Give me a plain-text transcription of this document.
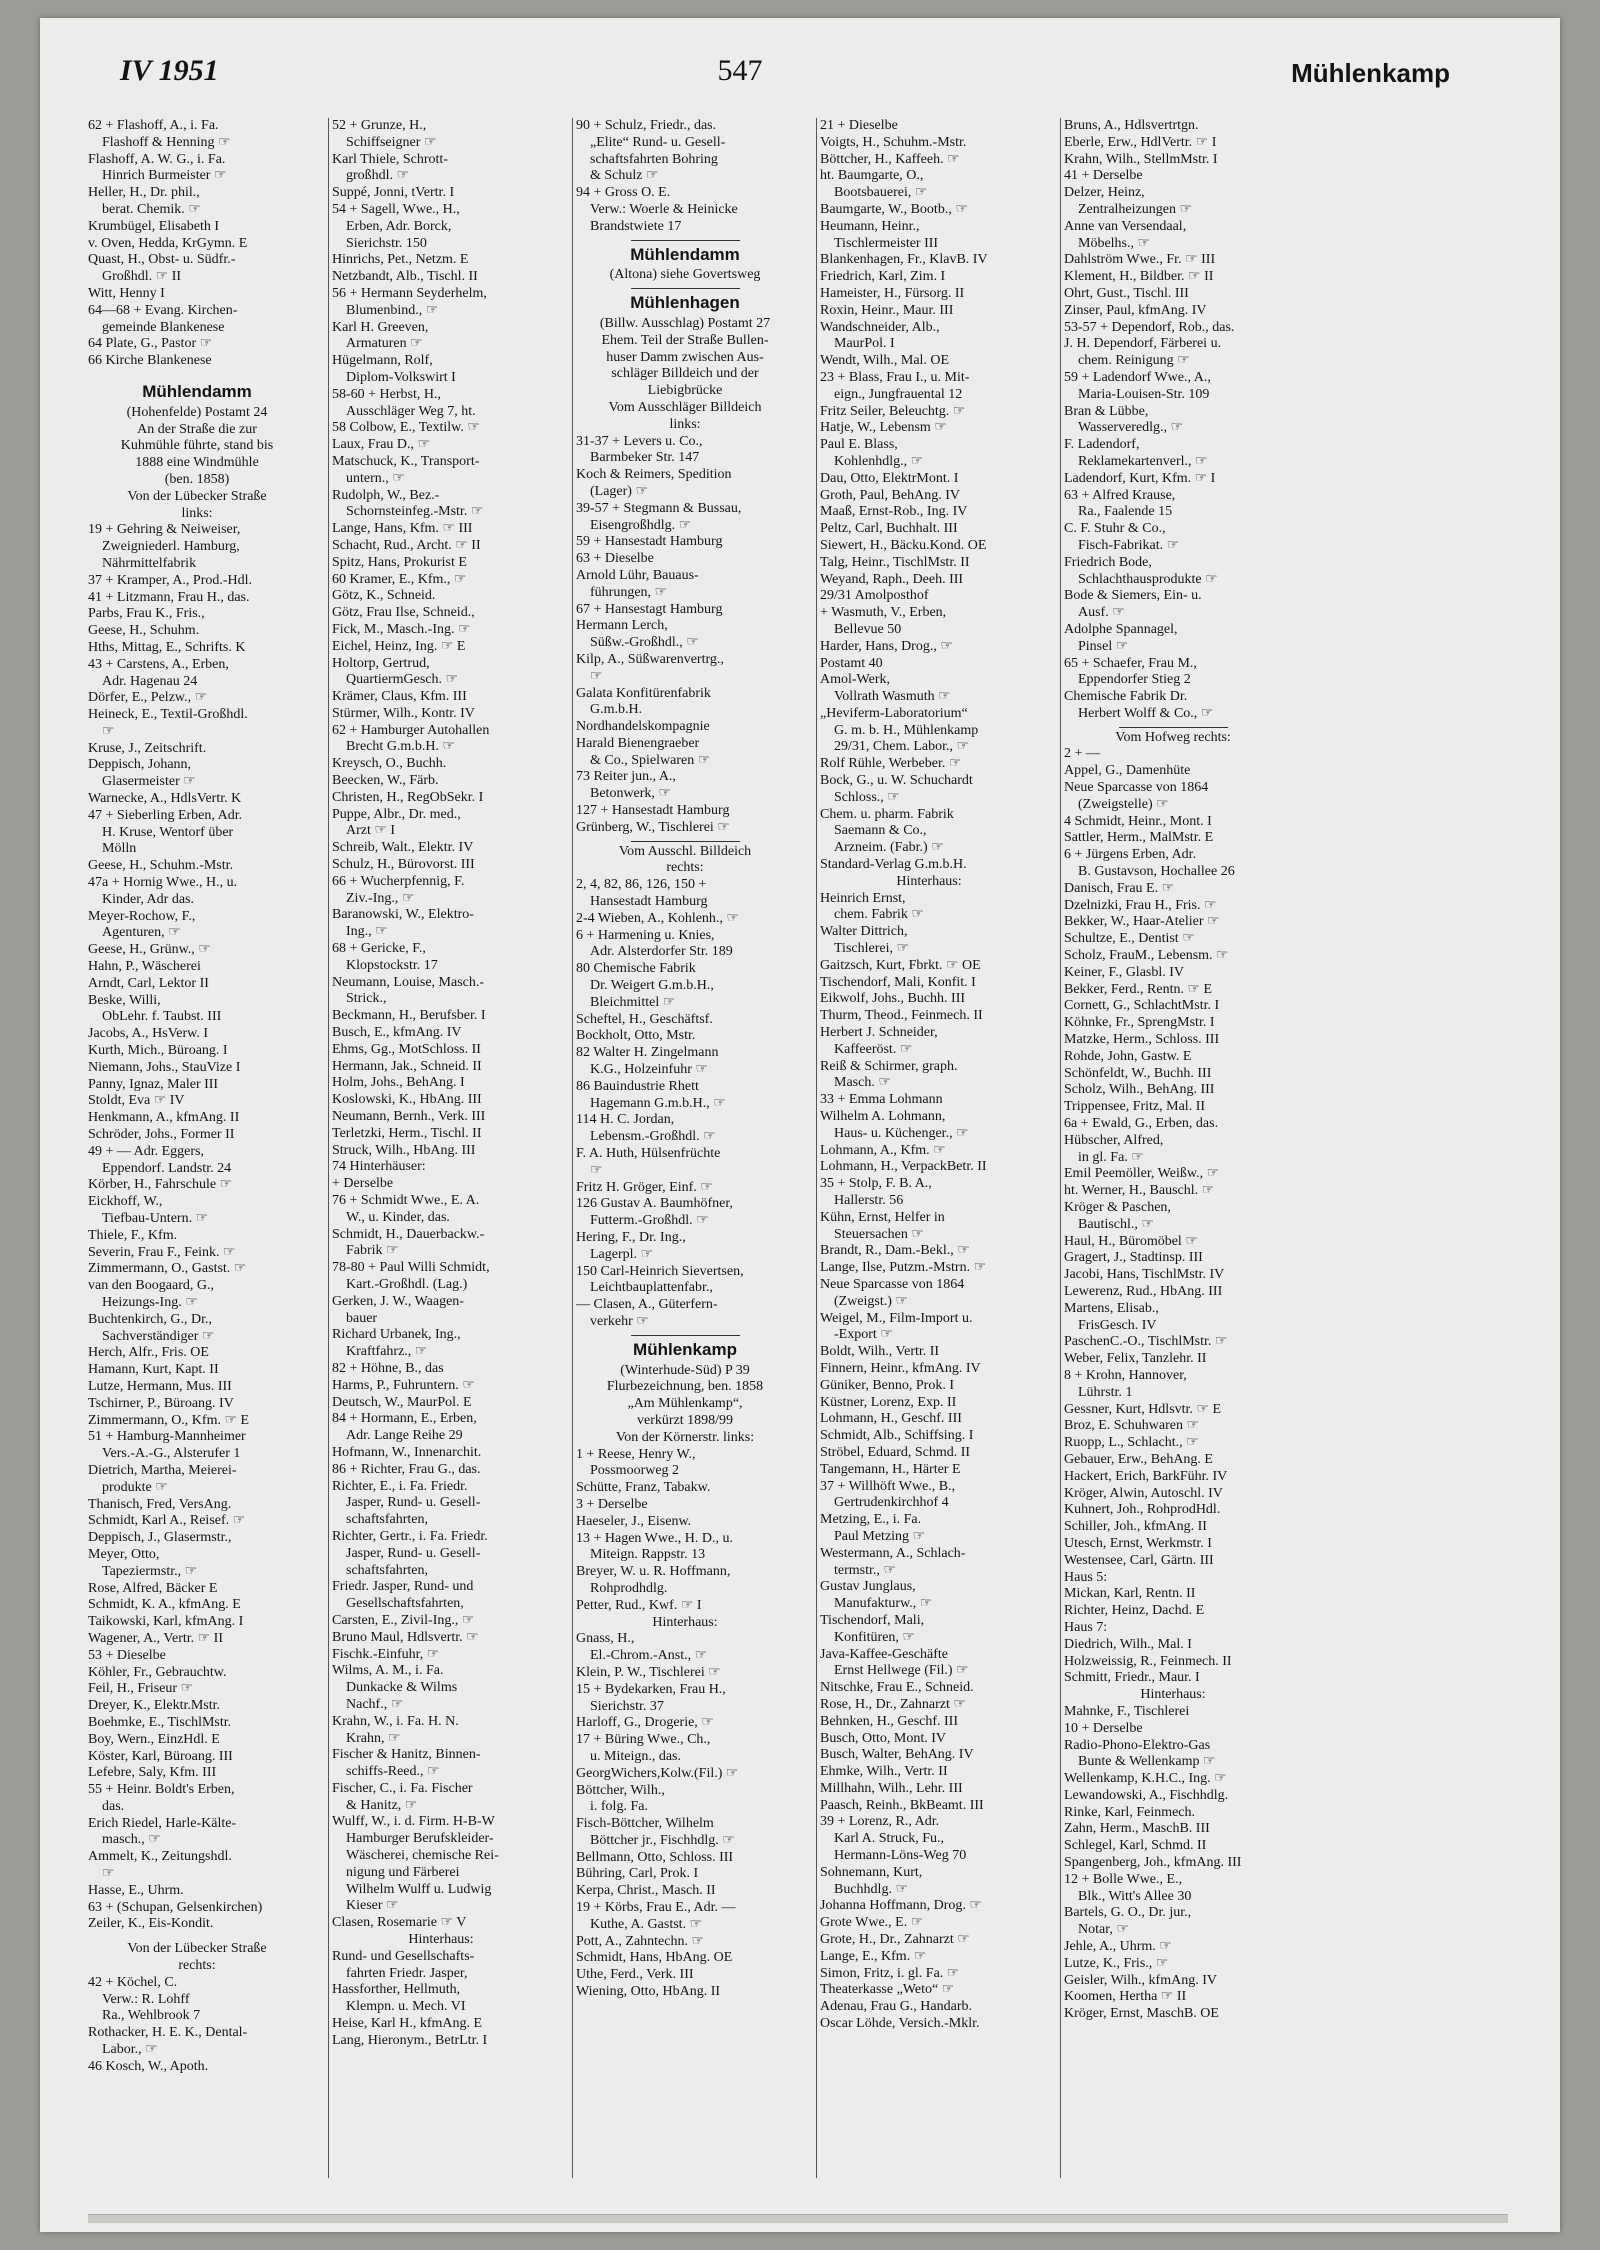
IV 1951	547	Mühlenkamp
62 + Flashoff, A., i. Fa.
Flashoff & Henning ☞
Flashoff, A. W. G., i. Fa.
Hinrich Burmeister ☞
Heller, H., Dr. phil.,
berat. Chemik. ☞
Krumbügel, Elisabeth I
v. Oven, Hedda, KrGymn. E
Quast, H., Obst- u. Südfr.-
Großhdl. ☞ II
Witt, Henny I
64—68 + Evang. Kirchen-
gemeinde Blankenese
64 Plate, G., Pastor ☞
66 Kirche Blankenese
Mühlendamm
(Hohenfelde) Postamt 24
An der Straße die zur
Kuhmühle führte, stand bis
1888 eine Windmühle
(ben. 1858)
Von der Lübecker Straße
links:
19 + Gehring & Neiweiser,
Zweigniederl. Hamburg,
Nährmittelfabrik
37 + Kramper, A., Prod.-Hdl.
41 + Litzmann, Frau H., das.
Parbs, Frau K., Fris.,
Geese, H., Schuhm.
Hths, Mittag, E., Schrifts. K
43 + Carstens, A., Erben,
Adr. Hagenau 24
Dörfer, E., Pelzw., ☞
Heineck, E., Textil-Großhdl.
☞
Kruse, J., Zeitschrift.
Deppisch, Johann,
Glasermeister ☞
Warnecke, A., HdlsVertr. K
47 + Sieberling Erben, Adr.
H. Kruse, Wentorf über
Mölln
Geese, H., Schuhm.-Mstr.
47a + Hornig Wwe., H., u.
Kinder, Adr das.
Meyer-Rochow, F.,
Agenturen, ☞
Geese, H., Grünw., ☞
Hahn, P., Wäscherei
Arndt, Carl, Lektor II
Beske, Willi,
ObLehr. f. Taubst. III
Jacobs, A., HsVerw. I
Kurth, Mich., Büroang. I
Niemann, Johs., StauVize I
Panny, Ignaz, Maler III
Stoldt, Eva ☞ IV
Henkmann, A., kfmAng. II
Schröder, Johs., Former II
49 + — Adr. Eggers,
Eppendorf. Landstr. 24
Körber, H., Fahrschule ☞
Eickhoff, W.,
Tiefbau-Untern. ☞
Thiele, F., Kfm.
Severin, Frau F., Feink. ☞
Zimmermann, O., Gastst. ☞
van den Boogaard, G.,
Heizungs-Ing. ☞
Buchtenkirch, G., Dr.,
Sachverständiger ☞
Herch, Alfr., Fris. OE
Hamann, Kurt, Kapt. II
Lutze, Hermann, Mus. III
Tschirner, P., Büroang. IV
Zimmermann, O., Kfm. ☞ E
51 + Hamburg-Mannheimer
Vers.-A.-G., Alsterufer 1
Dietrich, Martha, Meierei-
produkte ☞
Thanisch, Fred, VersAng.
Schmidt, Karl A., Reisef. ☞
Deppisch, J., Glasermstr.,
Meyer, Otto,
Tapeziermstr., ☞
Rose, Alfred, Bäcker E
Schmidt, K. A., kfmAng. E
Taikowski, Karl, kfmAng. I
Wagener, A., Vertr. ☞ II
53 + Dieselbe
Köhler, Fr., Gebrauchtw.
Feil, H., Friseur ☞
Dreyer, K., Elektr.Mstr.
Boehmke, E., TischlMstr.
Boy, Wern., EinzHdl. E
Köster, Karl, Büroang. III
Lefebre, Saly, Kfm. III
55 + Heinr. Boldt's Erben,
das.
Erich Riedel, Harle-Kälte-
masch., ☞
Ammelt, K., Zeitungshdl.
☞
Hasse, E., Uhrm.
63 + (Schupan, Gelsenkirchen)
Zeiler, K., Eis-Kondit.
Von der Lübecker Straße
rechts:
42 + Köchel, C.
Verw.: R. Lohff
Ra., Wehlbrook 7
Rothacker, H. E. K., Dental-
Labor., ☞
46 Kosch, W., Apoth.
52 + Grunze, H.,
Schiffseigner ☞
Karl Thiele, Schrott-
großhdl. ☞
Suppé, Jonni, tVertr. I
54 + Sagell, Wwe., H.,
Erben, Adr. Borck,
Sierichstr. 150
Hinrichs, Pet., Netzm. E
Netzbandt, Alb., Tischl. II
56 + Hermann Seyderhelm,
Blumenbind., ☞
Karl H. Greeven,
Armaturen ☞
Hügelmann, Rolf,
Diplom-Volkswirt I
58-60 + Herbst, H.,
Ausschläger Weg 7, ht.
58 Colbow, E., Textilw. ☞
Laux, Frau D., ☞
Matschuck, K., Transport-
untern., ☞
Rudolph, W., Bez.-
Schornsteinfeg.-Mstr. ☞
Lange, Hans, Kfm. ☞ III
Schacht, Rud., Archt. ☞ II
Spitz, Hans, Prokurist E
60 Kramer, E., Kfm., ☞
Götz, K., Schneid.
Götz, Frau Ilse, Schneid.,
Fick, M., Masch.-Ing. ☞
Eichel, Heinz, Ing. ☞ E
Holtorp, Gertrud,
QuartiermGesch. ☞
Krämer, Claus, Kfm. III
Stürmer, Wilh., Kontr. IV
62 + Hamburger Autohallen
Brecht G.m.b.H. ☞
Kreysch, O., Buchh.
Beecken, W., Färb.
Christen, H., RegObSekr. I
Puppe, Albr., Dr. med.,
Arzt ☞ I
Schreib, Walt., Elektr. IV
Schulz, H., Bürovorst. III
66 + Wucherpfennig, F.
Ziv.-Ing., ☞
Baranowski, W., Elektro-
Ing., ☞
68 + Gericke, F.,
Klopstockstr. 17
Neumann, Louise, Masch.-
Strick.,
Beckmann, H., Berufsber. I
Busch, E., kfmAng. IV
Ehms, Gg., MotSchloss. II
Hermann, Jak., Schneid. II
Holm, Johs., BehAng. I
Koslowski, K., HbAng. III
Neumann, Bernh., Verk. III
Terletzki, Herm., Tischl. II
Struck, Wilh., HbAng. III
74 Hinterhäuser:
+ Derselbe
76 + Schmidt Wwe., E. A.
W., u. Kinder, das.
Schmidt, H., Dauerbackw.-
Fabrik ☞
78-80 + Paul Willi Schmidt,
Kart.-Großhdl. (Lag.)
Gerken, J. W., Waagen-
bauer
Richard Urbanek, Ing.,
Kraftfahrz., ☞
82 + Höhne, B., das
Harms, P., Fuhruntern. ☞
Deutsch, W., MaurPol. E
84 + Hormann, E., Erben,
Adr. Lange Reihe 29
Hofmann, W., Innenarchit.
86 + Richter, Frau G., das.
Richter, E., i. Fa. Friedr.
Jasper, Rund- u. Gesell-
schaftsfahrten,
Richter, Gertr., i. Fa. Friedr.
Jasper, Rund- u. Gesell-
schaftsfahrten,
Friedr. Jasper, Rund- und
Gesellschaftsfahrten,
Carsten, E., Zivil-Ing., ☞
Bruno Maul, Hdlsvertr. ☞
Fischk.-Einfuhr, ☞
Wilms, A. M., i. Fa.
Dunkacke & Wilms
Nachf., ☞
Krahn, W., i. Fa. H. N.
Krahn, ☞
Fischer & Hanitz, Binnen-
schiffs-Reed., ☞
Fischer, C., i. Fa. Fischer
& Hanitz, ☞
Wulff, W., i. d. Firm. H-B-W
Hamburger Berufskleider-
Wäscherei, chemische Rei-
nigung und Färberei
Wilhelm Wulff u. Ludwig
Kieser ☞
Clasen, Rosemarie ☞ V
Hinterhaus:
Rund- und Gesellschafts-
fahrten Friedr. Jasper,
Hassforther, Hellmuth,
Klempn. u. Mech. VI
Heise, Karl H., kfmAng. E
Lang, Hieronym., BetrLtr. I
90 + Schulz, Friedr., das.
„Elite“ Rund- u. Gesell-
schaftsfahrten Bohring
& Schulz ☞
94 + Gross O. E.
Verw.: Woerle & Heinicke
Brandstwiete 17
Mühlendamm
(Altona) siehe Govertsweg
Mühlenhagen
(Billw. Ausschlag) Postamt 27
Ehem. Teil der Straße Bullen-
huser Damm zwischen Aus-
schläger Billdeich und der
Liebigbrücke
Vom Ausschläger Billdeich
links:
31-37 + Levers u. Co.,
Barmbeker Str. 147
Koch & Reimers, Spedition
(Lager) ☞
39-57 + Stegmann & Bussau,
Eisengroßhdlg. ☞
59 + Hansestadt Hamburg
63 + Dieselbe
Arnold Lühr, Bauaus-
führungen, ☞
67 + Hansestagt Hamburg
Hermann Lerch,
Süßw.-Großhdl., ☞
Kilp, A., Süßwarenvertrg.,
☞
Galata Konfitürenfabrik
G.m.b.H.
Nordhandelskompagnie
Harald Bienengraeber
& Co., Spielwaren ☞
73 Reiter jun., A.,
Betonwerk, ☞
127 + Hansestadt Hamburg
Grünberg, W., Tischlerei ☞
Vom Ausschl. Billdeich
rechts:
2, 4, 82, 86, 126, 150 +
Hansestadt Hamburg
2-4 Wieben, A., Kohlenh., ☞
6 + Harmening u. Knies,
Adr. Alsterdorfer Str. 189
80 Chemische Fabrik
Dr. Weigert G.m.b.H.,
Bleichmittel ☞
Scheftel, H., Geschäftsf.
Bockholt, Otto, Mstr.
82 Walter H. Zingelmann
K.G., Holzeinfuhr ☞
86 Bauindustrie Rhett
Hagemann G.m.b.H., ☞
114 H. C. Jordan,
Lebensm.-Großhdl. ☞
F. A. Huth, Hülsenfrüchte
☞
Fritz H. Gröger, Einf. ☞
126 Gustav A. Baumhöfner,
Futterm.-Großhdl. ☞
Hering, F., Dr. Ing.,
Lagerpl. ☞
150 Carl-Heinrich Sievertsen,
Leichtbauplattenfabr.,
— Clasen, A., Güterfern-
verkehr ☞
Mühlenkamp
(Winterhude-Süd) P 39
Flurbezeichnung, ben. 1858
„Am Mühlenkamp“,
verkürzt 1898/99
Von der Körnerstr. links:
1 + Reese, Henry W.,
Possmoorweg 2
Schütte, Franz, Tabakw.
3 + Derselbe
Haeseler, J., Eisenw.
13 + Hagen Wwe., H. D., u.
Miteign. Rappstr. 13
Breyer, W. u. R. Hoffmann,
Rohprodhdlg.
Petter, Rud., Kwf. ☞ I
Hinterhaus:
Gnass, H.,
El.-Chrom.-Anst., ☞
Klein, P. W., Tischlerei ☞
15 + Bydekarken, Frau H.,
Sierichstr. 37
Harloff, G., Drogerie, ☞
17 + Büring Wwe., Ch.,
u. Miteign., das.
GeorgWichers,Kolw.(Fil.) ☞
Böttcher, Wilh.,
i. folg. Fa.
Fisch-Böttcher, Wilhelm
Böttcher jr., Fischhdlg. ☞
Bellmann, Otto, Schloss. III
Bühring, Carl, Prok. I
Kerpa, Christ., Masch. II
19 + Körbs, Frau E., Adr. —
Kuthe, A. Gastst. ☞
Pott, A., Zahntechn. ☞
Schmidt, Hans, HbAng. OE
Uthe, Ferd., Verk. III
Wiening, Otto, HbAng. II
21 + Dieselbe
Voigts, H., Schuhm.-Mstr.
Böttcher, H., Kaffeeh. ☞
ht. Baumgarte, O.,
Bootsbauerei, ☞
Baumgarte, W., Bootb., ☞
Heumann, Heinr.,
Tischlermeister III
Blankenhagen, Fr., KlavB. IV
Friedrich, Karl, Zim. I
Hameister, H., Fürsorg. II
Roxin, Heinr., Maur. III
Wandschneider, Alb.,
MaurPol. I
Wendt, Wilh., Mal. OE
23 + Blass, Frau I., u. Mit-
eign., Jungfrauental 12
Fritz Seiler, Beleuchtg. ☞
Hatje, W., Lebensm ☞
Paul E. Blass,
Kohlenhdlg., ☞
Dau, Otto, ElektrMont. I
Groth, Paul, BehAng. IV
Maaß, Ernst-Rob., Ing. IV
Peltz, Carl, Buchhalt. III
Siewert, H., Bäcku.Kond. OE
Talg, Heinr., TischlMstr. II
Weyand, Raph., Deeh. III
29/31 Amolposthof
+ Wasmuth, V., Erben,
Bellevue 50
Harder, Hans, Drog., ☞
Postamt 40
Amol-Werk,
Vollrath Wasmuth ☞
„Heviferm-Laboratorium“
G. m. b. H., Mühlenkamp
29/31, Chem. Labor., ☞
Rolf Rühle, Werbeber. ☞
Bock, G., u. W. Schuchardt
Schloss., ☞
Chem. u. pharm. Fabrik
Saemann & Co.,
Arzneim. (Fabr.) ☞
Standard-Verlag G.m.b.H.
Hinterhaus:
Heinrich Ernst,
chem. Fabrik ☞
Walter Dittrich,
Tischlerei, ☞
Gaitzsch, Kurt, Fbrkt. ☞ OE
Tischendorf, Mali, Konfit. I
Eikwolf, Johs., Buchh. III
Thurm, Theod., Feinmech. II
Herbert J. Schneider,
Kaffeeröst. ☞
Reiß & Schirmer, graph.
Masch. ☞
33 + Emma Lohmann
Wilhelm A. Lohmann,
Haus- u. Küchenger., ☞
Lohmann, A., Kfm. ☞
Lohmann, H., VerpackBetr. II
35 + Stolp, F. B. A.,
Hallerstr. 56
Kühn, Ernst, Helfer in
Steuersachen ☞
Brandt, R., Dam.-Bekl., ☞
Lange, Ilse, Putzm.-Mstrn. ☞
Neue Sparcasse von 1864
(Zweigst.) ☞
Weigel, M., Film-Import u.
-Export ☞
Boldt, Wilh., Vertr. II
Finnern, Heinr., kfmAng. IV
Güniker, Benno, Prok. I
Küstner, Lorenz, Exp. II
Lohmann, H., Geschf. III
Schmidt, Alb., Schiffsing. I
Ströbel, Eduard, Schmd. II
Tangemann, H., Härter E
37 + Willhöft Wwe., B.,
Gertrudenkirchhof 4
Metzing, E., i. Fa.
Paul Metzing ☞
Westermann, A., Schlach-
termstr., ☞
Gustav Junglaus,
Manufakturw., ☞
Tischendorf, Mali,
Konfitüren, ☞
Java-Kaffee-Geschäfte
Ernst Hellwege (Fil.) ☞
Nitschke, Frau E., Schneid.
Rose, H., Dr., Zahnarzt ☞
Behnken, H., Geschf. III
Busch, Otto, Mont. IV
Busch, Walter, BehAng. IV
Ehmke, Wilh., Vertr. II
Millhahn, Wilh., Lehr. III
Paasch, Reinh., BkBeamt. III
39 + Lorenz, R., Adr.
Karl A. Struck, Fu.,
Hermann-Löns-Weg 70
Sohnemann, Kurt,
Buchhdlg. ☞
Johanna Hoffmann, Drog. ☞
Grote Wwe., E. ☞
Grote, H., Dr., Zahnarzt ☞
Lange, E., Kfm. ☞
Simon, Fritz, i. gl. Fa. ☞
Theaterkasse „Weto“ ☞
Adenau, Frau G., Handarb.
Oscar Löhde, Versich.-Mklr.
Bruns, A., Hdlsvertrtgn.
Eberle, Erw., HdlVertr. ☞ I
Krahn, Wilh., StellmMstr. I
41 + Derselbe
Delzer, Heinz,
Zentralheizungen ☞
Anne van Versendaal,
Möbelhs., ☞
Dahlström Wwe., Fr. ☞ III
Klement, H., Bildber. ☞ II
Ohrt, Gust., Tischl. III
Zinser, Paul, kfmAng. IV
53-57 + Dependorf, Rob., das.
J. H. Dependorf, Färberei u.
chem. Reinigung ☞
59 + Ladendorf Wwe., A.,
Maria-Louisen-Str. 109
Bran & Lübbe,
Wasserveredlg., ☞
F. Ladendorf,
Reklamekartenverl., ☞
Ladendorf, Kurt, Kfm. ☞ I
63 + Alfred Krause,
Ra., Faalende 15
C. F. Stuhr & Co.,
Fisch-Fabrikat. ☞
Friedrich Bode,
Schlachthausprodukte ☞
Bode & Siemers, Ein- u.
Ausf. ☞
Adolphe Spannagel,
Pinsel ☞
65 + Schaefer, Frau M.,
Eppendorfer Stieg 2
Chemische Fabrik Dr.
Herbert Wolff & Co., ☞
Vom Hofweg rechts:
2 + —
Appel, G., Damenhüte
Neue Sparcasse von 1864
(Zweigstelle) ☞
4 Schmidt, Heinr., Mont. I
Sattler, Herm., MalMstr. E
6 + Jürgens Erben, Adr.
B. Gustavson, Hochallee 26
Danisch, Frau E. ☞
Dzelnizki, Frau H., Fris. ☞
Bekker, W., Haar-Atelier ☞
Schultze, E., Dentist ☞
Scholz, FrauM., Lebensm. ☞
Keiner, F., Glasbl. IV
Bekker, Ferd., Rentn. ☞ E
Cornett, G., SchlachtMstr. I
Köhnke, Fr., SprengMstr. I
Matzke, Herm., Schloss. III
Rohde, John, Gastw. E
Schönfeldt, W., Buchh. III
Scholz, Wilh., BehAng. III
Trippensee, Fritz, Mal. II
6a + Ewald, G., Erben, das.
Hübscher, Alfred,
in gl. Fa. ☞
Emil Peemöller, Weißw., ☞
ht. Werner, H., Bauschl. ☞
Kröger & Paschen,
Bautischl., ☞
Haul, H., Büromöbel ☞
Gragert, J., Stadtinsp. III
Jacobi, Hans, TischlMstr. IV
Lewerenz, Rud., HbAng. III
Martens, Elisab.,
FrisGesch. IV
PaschenC.-O., TischlMstr. ☞
Weber, Felix, Tanzlehr. II
8 + Krohn, Hannover,
Lührstr. 1
Gessner, Kurt, Hdlsvtr. ☞ E
Broz, E. Schuhwaren ☞
Ruopp, L., Schlacht., ☞
Gebauer, Erw., BehAng. E
Hackert, Erich, BarkFühr. IV
Kröger, Alwin, Autoschl. IV
Kuhnert, Joh., RohprodHdl.
Schiller, Joh., kfmAng. II
Utesch, Ernst, Werkmstr. I
Westensee, Carl, Gärtn. III
Haus 5:
Mickan, Karl, Rentn. II
Richter, Heinz, Dachd. E
Haus 7:
Diedrich, Wilh., Mal. I
Holzweissig, R., Feinmech. II
Schmitt, Friedr., Maur. I
Hinterhaus:
Mahnke, F., Tischlerei
10 + Derselbe
Radio-Phono-Elektro-Gas
Bunte & Wellenkamp ☞
Wellenkamp, K.H.C., Ing. ☞
Lewandowski, A., Fischhdlg.
Rinke, Karl, Feinmech.
Zahn, Herm., MaschB. III
Schlegel, Karl, Schmd. II
Spangenberg, Joh., kfmAng. III
12 + Bolle Wwe., E.,
Blk., Witt's Allee 30
Bartels, G. O., Dr. jur.,
Notar, ☞
Jehle, A., Uhrm. ☞
Lutze, K., Fris., ☞
Geisler, Wilh., kfmAng. IV
Koomen, Hertha ☞ II
Kröger, Ernst, MaschB. OE
